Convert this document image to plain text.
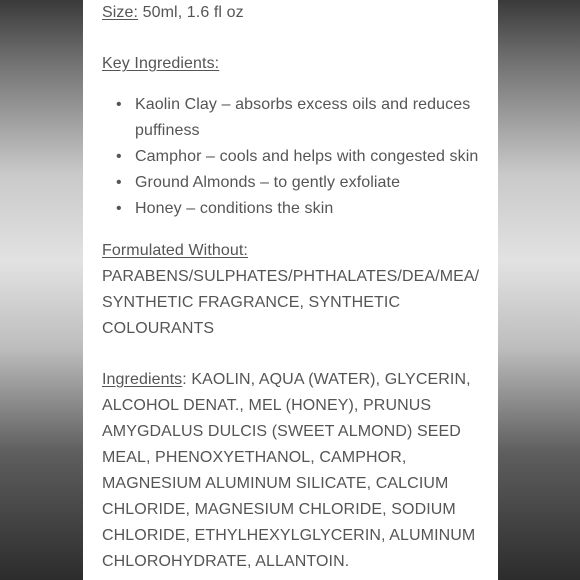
Size: 50ml, 1.6 fl oz

Key Ingredients:

• Kaolin Clay – absorbs excess oils and reduces puffiness
• Camphor – cools and helps with congested skin
• Ground Almonds – to gently exfoliate
• Honey – conditions the skin

Formulated Without:

PARABENS/SULPHATES/PHTHALATES/DEA/MEA/ SYNTHETIC FRAGRANCE, SYNTHETIC COLOURANTS

Ingredients: KAOLIN, AQUA (WATER), GLYCERIN, ALCOHOL DENAT., MEL (HONEY), PRUNUS AMYGDALUS DULCIS (SWEET ALMOND) SEED MEAL, PHENOXYETHANOL, CAMPHOR, MAGNESIUM ALUMINUM SILICATE, CALCIUM CHLORIDE, MAGNESIUM CHLORIDE, SODIUM CHLORIDE, ETHYLHEXYLGLYCERIN, ALUMINUM CHLOROHYDRATE, ALLANTOIN.
